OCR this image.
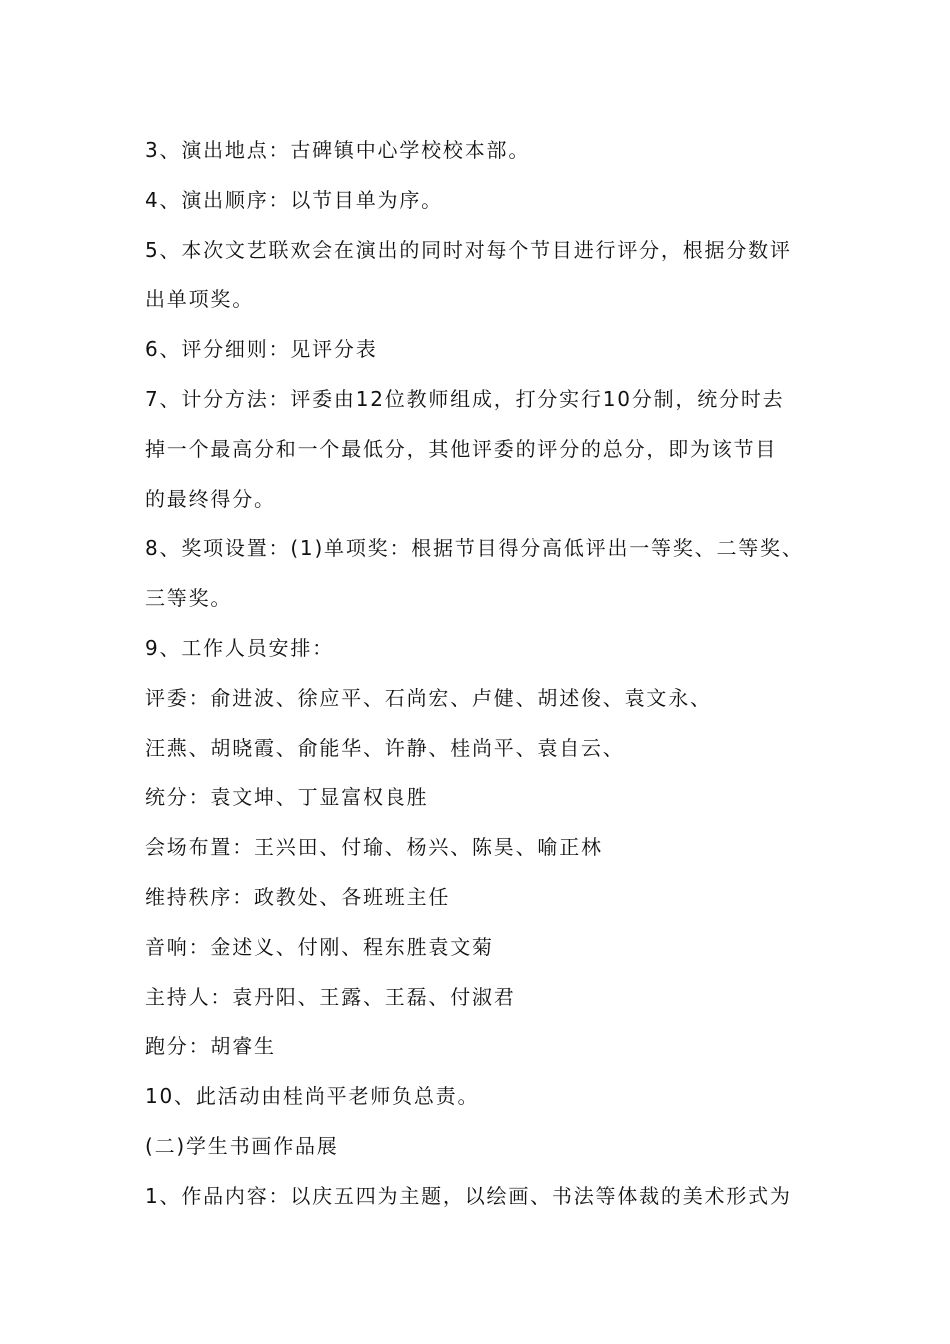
3、演出地点：古碑镇中心学校校本部。
4、演出顺序：以节目单为序。
5、本次文艺联欢会在演出的同时对每个节目进行评分，根据分数评
出单项奖。
6、评分细则：见评分表
7、计分方法：评委由12位教师组成，打分实行10分制，统分时去
掉一个最高分和一个最低分，其他评委的评分的总分，即为该节目
的最终得分。
8、奖项设置：(1)单项奖：根据节目得分高低评出一等奖、二等奖、
三等奖。
9、工作人员安排：
评委：俞进波、徐应平、石尚宏、卢健、胡述俊、袁文永、
汪燕、胡晓霞、俞能华、许静、桂尚平、袁自云、
统分：袁文坤、丁显富权良胜
会场布置：王兴田、付瑜、杨兴、陈昊、喻正林
维持秩序：政教处、各班班主任
音响：金述义、付刚、程东胜袁文菊
主持人：袁丹阳、王露、王磊、付淑君
跑分：胡睿生
10、此活动由桂尚平老师负总责。
(二)学生书画作品展
1、作品内容：以庆五四为主题，以绘画、书法等体裁的美术形式为
